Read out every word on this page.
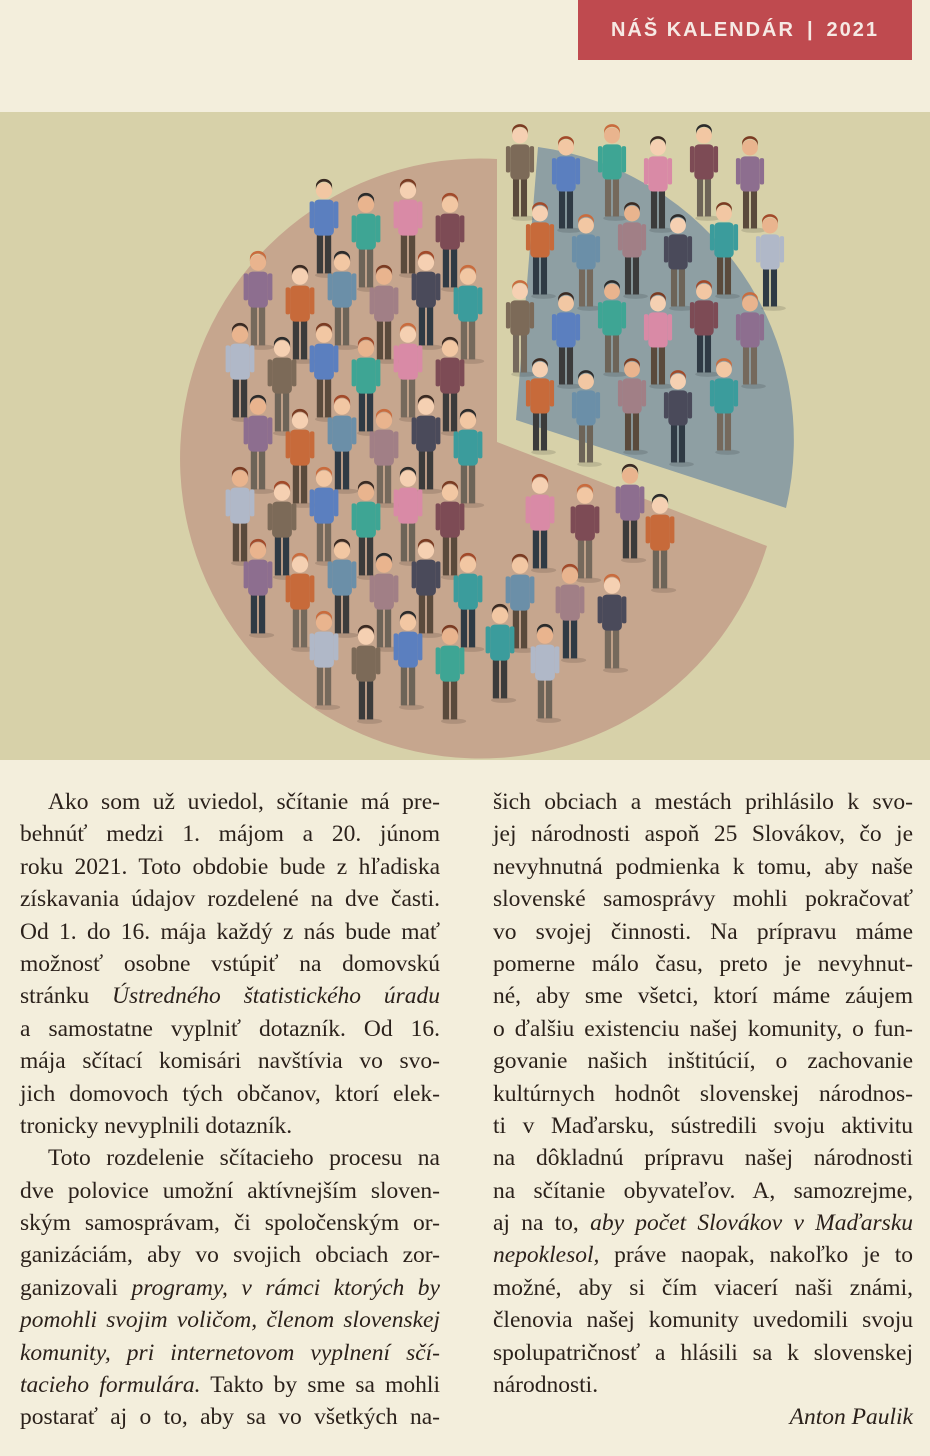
NÁŠ KALENDÁR | 2021
Ako som už uviedol, sčítanie má pre-
behnúť medzi 1. májom a 20. júnom
roku 2021. Toto obdobie bude z hľadiska
získavania údajov rozdelené na dve časti.
Od 1. do 16. mája každý z nás bude mať
možnosť osobne vstúpiť na domovskú
stránku Ústredného štatistického úradu
a samostatne vyplniť dotazník. Od 16.
mája sčítací komisári navštívia vo svo-
jich domovoch tých občanov, ktorí elek-
tronicky nevyplnili dotazník.
Toto rozdelenie sčítacieho procesu na
dve polovice umožní aktívnejším sloven-
ským samosprávam, či spoločenským or-
ganizáciám, aby vo svojich obciach zor-
ganizovali programy, v rámci ktorých by
pomohli svojim voličom, členom slovenskej
komunity, pri internetovom vyplnení sčí-
tacieho formulára. Takto by sme sa mohli
postarať aj o to, aby sa vo všetkých na-
šich obciach a mestách prihlásilo k svo-
jej národnosti aspoň 25 Slovákov, čo je
nevyhnutná podmienka k tomu, aby naše
slovenské samosprávy mohli pokračovať
vo svojej činnosti. Na prípravu máme
pomerne málo času, preto je nevyhnut-
né, aby sme všetci, ktorí máme záujem
o ďalšiu existenciu našej komunity, o fun-
govanie našich inštitúcií, o zachovanie
kultúrnych hodnôt slovenskej národnos-
ti v Maďarsku, sústredili svoju aktivitu
na dôkladnú prípravu našej národnosti
na sčítanie obyvateľov. A, samozrejme,
aj na to, aby počet Slovákov v Maďarsku
nepoklesol, práve naopak, nakoľko je to
možné, aby si čím viacerí naši známi,
členovia našej komunity uvedomili svoju
spolupatričnosť a hlásili sa k slovenskej
národnosti.
Anton Paulik
